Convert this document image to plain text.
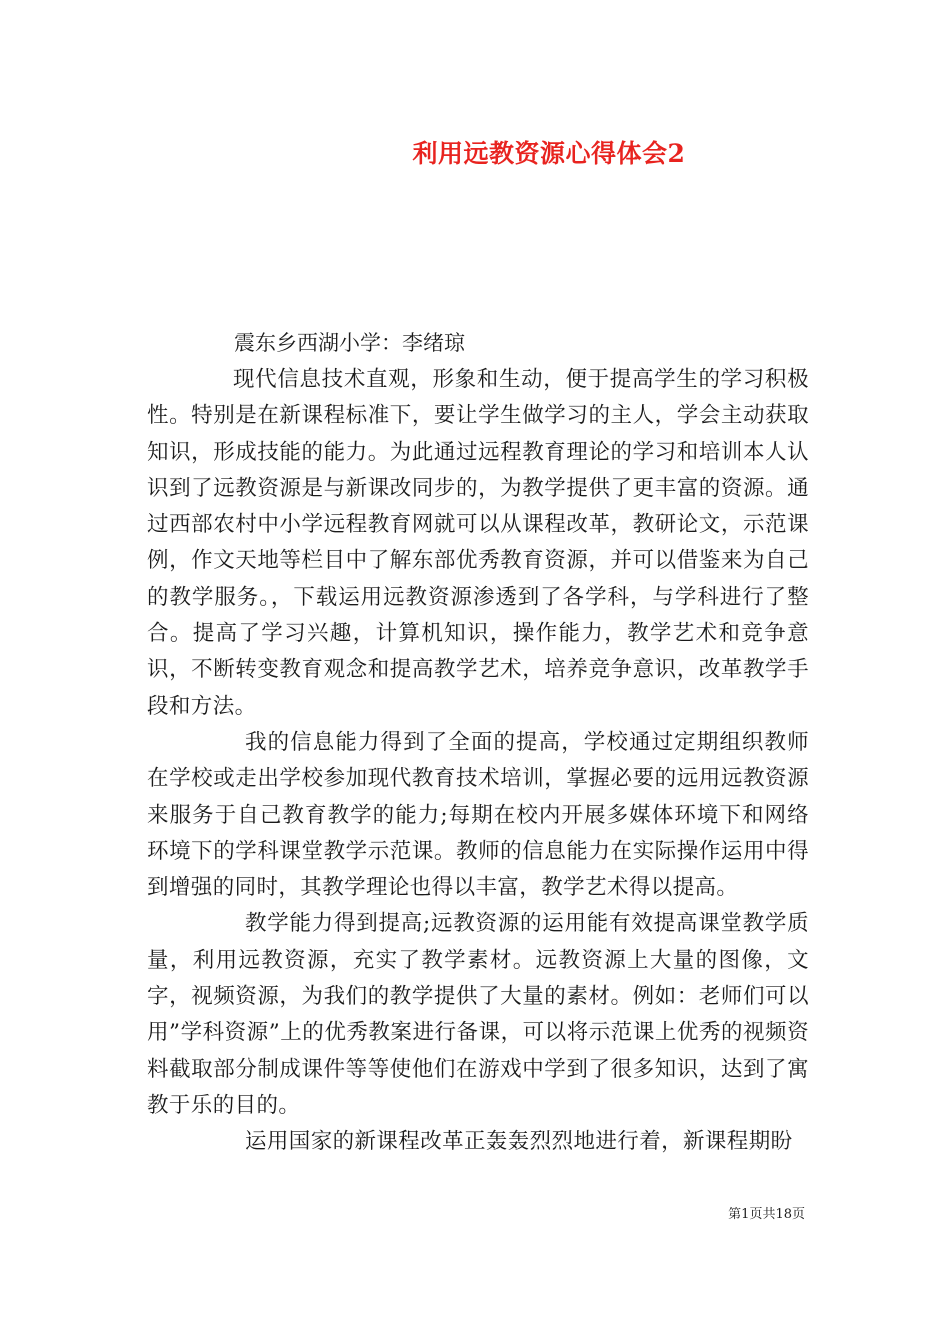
利用远教资源心得体会2
震东乡西湖小学：李绪琼

现代信息技术直观，形象和生动，便于提高学生的学习积极性。特别是在新课程标准下，要让学生做学习的主人，学会主动获取知识，形成技能的能力。为此通过远程教育理论的学习和培训本人认识到了远教资源是与新课改同步的，为教学提供了更丰富的资源。通过西部农村中小学远程教育网就可以从课程改革，教研论文，示范课例，作文天地等栏目中了解东部优秀教育资源，并可以借鉴来为自己的教学服务。，下载运用远教资源渗透到了各学科，与学科进行了整合。提高了学习兴趣，计算机知识，操作能力，教学艺术和竞争意识，不断转变教育观念和提高教学艺术，培养竞争意识，改革教学手段和方法。

我的信息能力得到了全面的提高，学校通过定期组织教师在学校或走出学校参加现代教育技术培训，掌握必要的远用远教资源来服务于自己教育教学的能力;每期在校内开展多媒体环境下和网络环境下的学科课堂教学示范课。教师的信息能力在实际操作运用中得到增强的同时，其教学理论也得以丰富，教学艺术得以提高。

教学能力得到提高;远教资源的运用能有效提高课堂教学质量，利用远教资源，充实了教学素材。远教资源上大量的图像，文字，视频资源，为我们的教学提供了大量的素材。例如：老师们可以用”学科资源”上的优秀教案进行备课，可以将示范课上优秀的视频资料截取部分制成课件等等使他们在游戏中学到了很多知识，达到了寓教于乐的目的。

运用国家的新课程改革正轰轰烈烈地进行着，新课程期盼

第1页共18页
